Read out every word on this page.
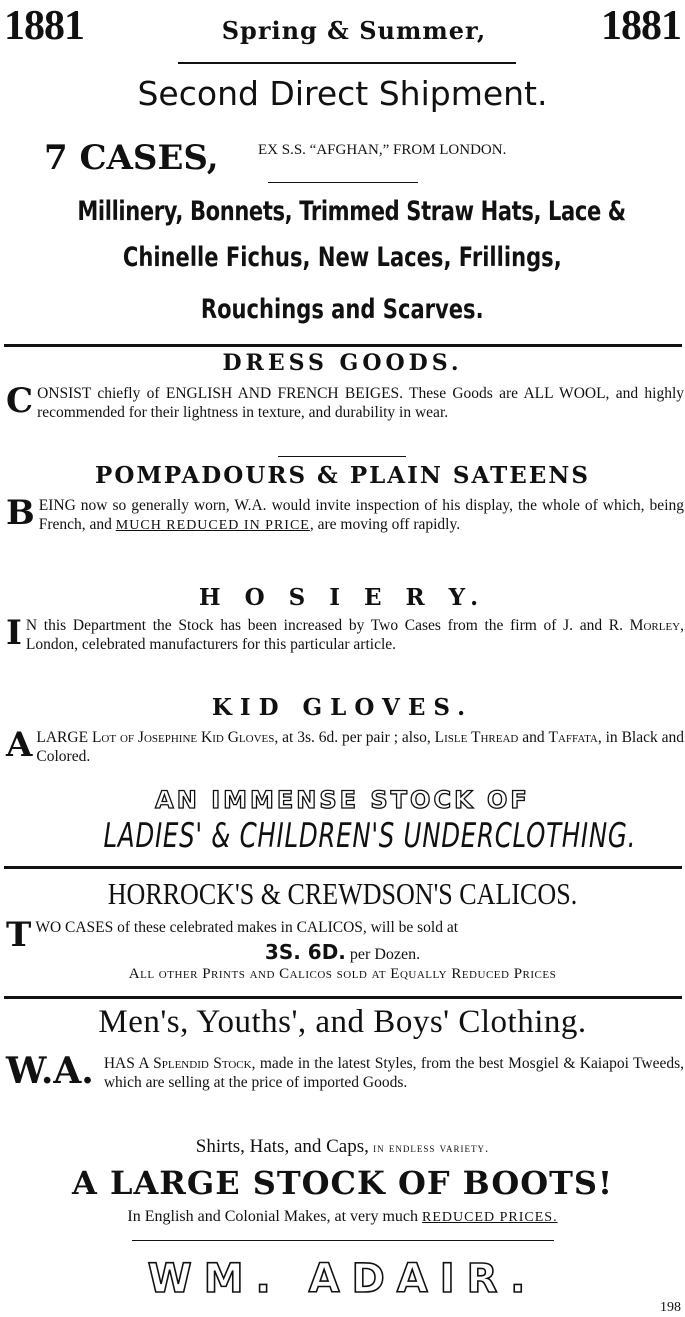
1881	Spring & Summer,	1881
Second Direct Shipment.
7 CASES,	EX S.S. “AFGHAN,” FROM LONDON.
Millinery, Bonnets, Trimmed Straw Hats, Lace &
Chinelle Fichus, New Laces, Frillings,
Rouchings and Scarves.
DRESS GOODS.
CONSIST chiefly of ENGLISH AND FRENCH BEIGES. These Goods are ALL WOOL, and highly recommended for their lightness in texture, and durability in wear.
POMPADOURS & PLAIN SATEENS
BEING now so generally worn, W.A. would invite inspection of his display, the whole of which, being French, and MUCH REDUCED IN PRICE, are moving off rapidly.
H O S I E R Y.
I N this Department the Stock has been increased by Two Cases from the firm of J. and R. Morley, London, celebrated manufacturers for this particular article.
KID GLOVES.
ALARGE Lot of Josephine Kid Gloves, at 3s. 6d. per pair ; also, Lisle Thread and Taffata, in Black and Colored.
AN IMMENSE STOCK OF
LADIES' & CHILDREN'S UNDERCLOTHING.
HORROCK'S & CREWDSON'S CALICOS.
TWO CASES of these celebrated makes in CALICOS, will be sold at
3S. 6D. per Dozen.
All other Prints and Calicos sold at Equally Reduced Prices
Men's, Youths', and Boys' Clothing.
W.A. HAS A Splendid Stock, made in the latest Styles, from the best Mosgiel & Kaiapoi Tweeds, which are selling at the price of imported Goods.
Shirts, Hats, and Caps, in endless variety.
A LARGE STOCK OF BOOTS!
In English and Colonial Makes, at very much REDUCED PRICES.
WM. ADAIR.
198
